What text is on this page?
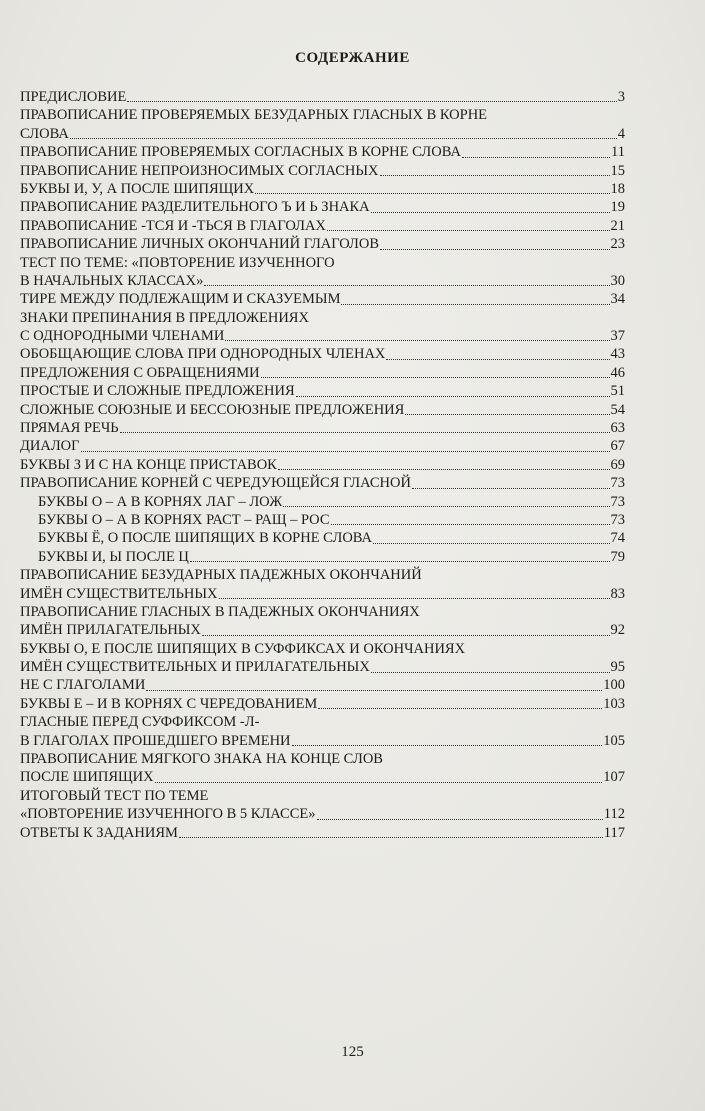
СОДЕРЖАНИЕ
ПРЕДИСЛОВИЕ	3
ПРАВОПИСАНИЕ ПРОВЕРЯЕМЫХ БЕЗУДАРНЫХ ГЛАСНЫХ В КОРНЕ
СЛОВА	4
ПРАВОПИСАНИЕ ПРОВЕРЯЕМЫХ СОГЛАСНЫХ В КОРНЕ СЛОВА	11
ПРАВОПИСАНИЕ НЕПРОИЗНОСИМЫХ СОГЛАСНЫХ	15
БУКВЫ И, У, А ПОСЛЕ ШИПЯЩИХ	18
ПРАВОПИСАНИЕ РАЗДЕЛИТЕЛЬНОГО Ъ И Ь ЗНАКА	19
ПРАВОПИСАНИЕ -ТСЯ И -ТЬСЯ В ГЛАГОЛАХ	21
ПРАВОПИСАНИЕ ЛИЧНЫХ ОКОНЧАНИЙ ГЛАГОЛОВ	23
ТЕСТ ПО ТЕМЕ: «ПОВТОРЕНИЕ ИЗУЧЕННОГО
В НАЧАЛЬНЫХ КЛАССАХ»	30
ТИРЕ МЕЖДУ ПОДЛЕЖАЩИМ И СКАЗУЕМЫМ	34
ЗНАКИ ПРЕПИНАНИЯ В ПРЕДЛОЖЕНИЯХ
С ОДНОРОДНЫМИ ЧЛЕНАМИ	37
ОБОБЩАЮЩИЕ СЛОВА ПРИ ОДНОРОДНЫХ ЧЛЕНАХ	43
ПРЕДЛОЖЕНИЯ С ОБРАЩЕНИЯМИ	46
ПРОСТЫЕ И СЛОЖНЫЕ ПРЕДЛОЖЕНИЯ	51
СЛОЖНЫЕ СОЮЗНЫЕ И БЕССОЮЗНЫЕ ПРЕДЛОЖЕНИЯ	54
ПРЯМАЯ РЕЧЬ	63
ДИАЛОГ	67
БУКВЫ З И С НА КОНЦЕ ПРИСТАВОК	69
ПРАВОПИСАНИЕ КОРНЕЙ С ЧЕРЕДУЮЩЕЙСЯ ГЛАСНОЙ	73
БУКВЫ О – А В КОРНЯХ ЛАГ – ЛОЖ	73
БУКВЫ О – А В КОРНЯХ РАСТ – РАЩ – РОС	73
БУКВЫ Ё, О ПОСЛЕ ШИПЯЩИХ В КОРНЕ СЛОВА	74
БУКВЫ И, Ы ПОСЛЕ Ц	79
ПРАВОПИСАНИЕ БЕЗУДАРНЫХ ПАДЕЖНЫХ ОКОНЧАНИЙ
ИМЁН СУЩЕСТВИТЕЛЬНЫХ	83
ПРАВОПИСАНИЕ ГЛАСНЫХ В ПАДЕЖНЫХ ОКОНЧАНИЯХ
ИМЁН ПРИЛАГАТЕЛЬНЫХ	92
БУКВЫ О, Е ПОСЛЕ ШИПЯЩИХ В СУФФИКСАХ И ОКОНЧАНИЯХ
ИМЁН СУЩЕСТВИТЕЛЬНЫХ И ПРИЛАГАТЕЛЬНЫХ	95
НЕ С ГЛАГОЛАМИ	100
БУКВЫ Е – И В КОРНЯХ С ЧЕРЕДОВАНИЕМ	103
ГЛАСНЫЕ ПЕРЕД СУФФИКСОМ -Л-
В ГЛАГОЛАХ ПРОШЕДШЕГО ВРЕМЕНИ	105
ПРАВОПИСАНИЕ МЯГКОГО ЗНАКА НА КОНЦЕ СЛОВ
ПОСЛЕ ШИПЯЩИХ	107
ИТОГОВЫЙ ТЕСТ ПО ТЕМЕ
«ПОВТОРЕНИЕ ИЗУЧЕННОГО В 5 КЛАССЕ»	112
ОТВЕТЫ К ЗАДАНИЯМ	117
125
